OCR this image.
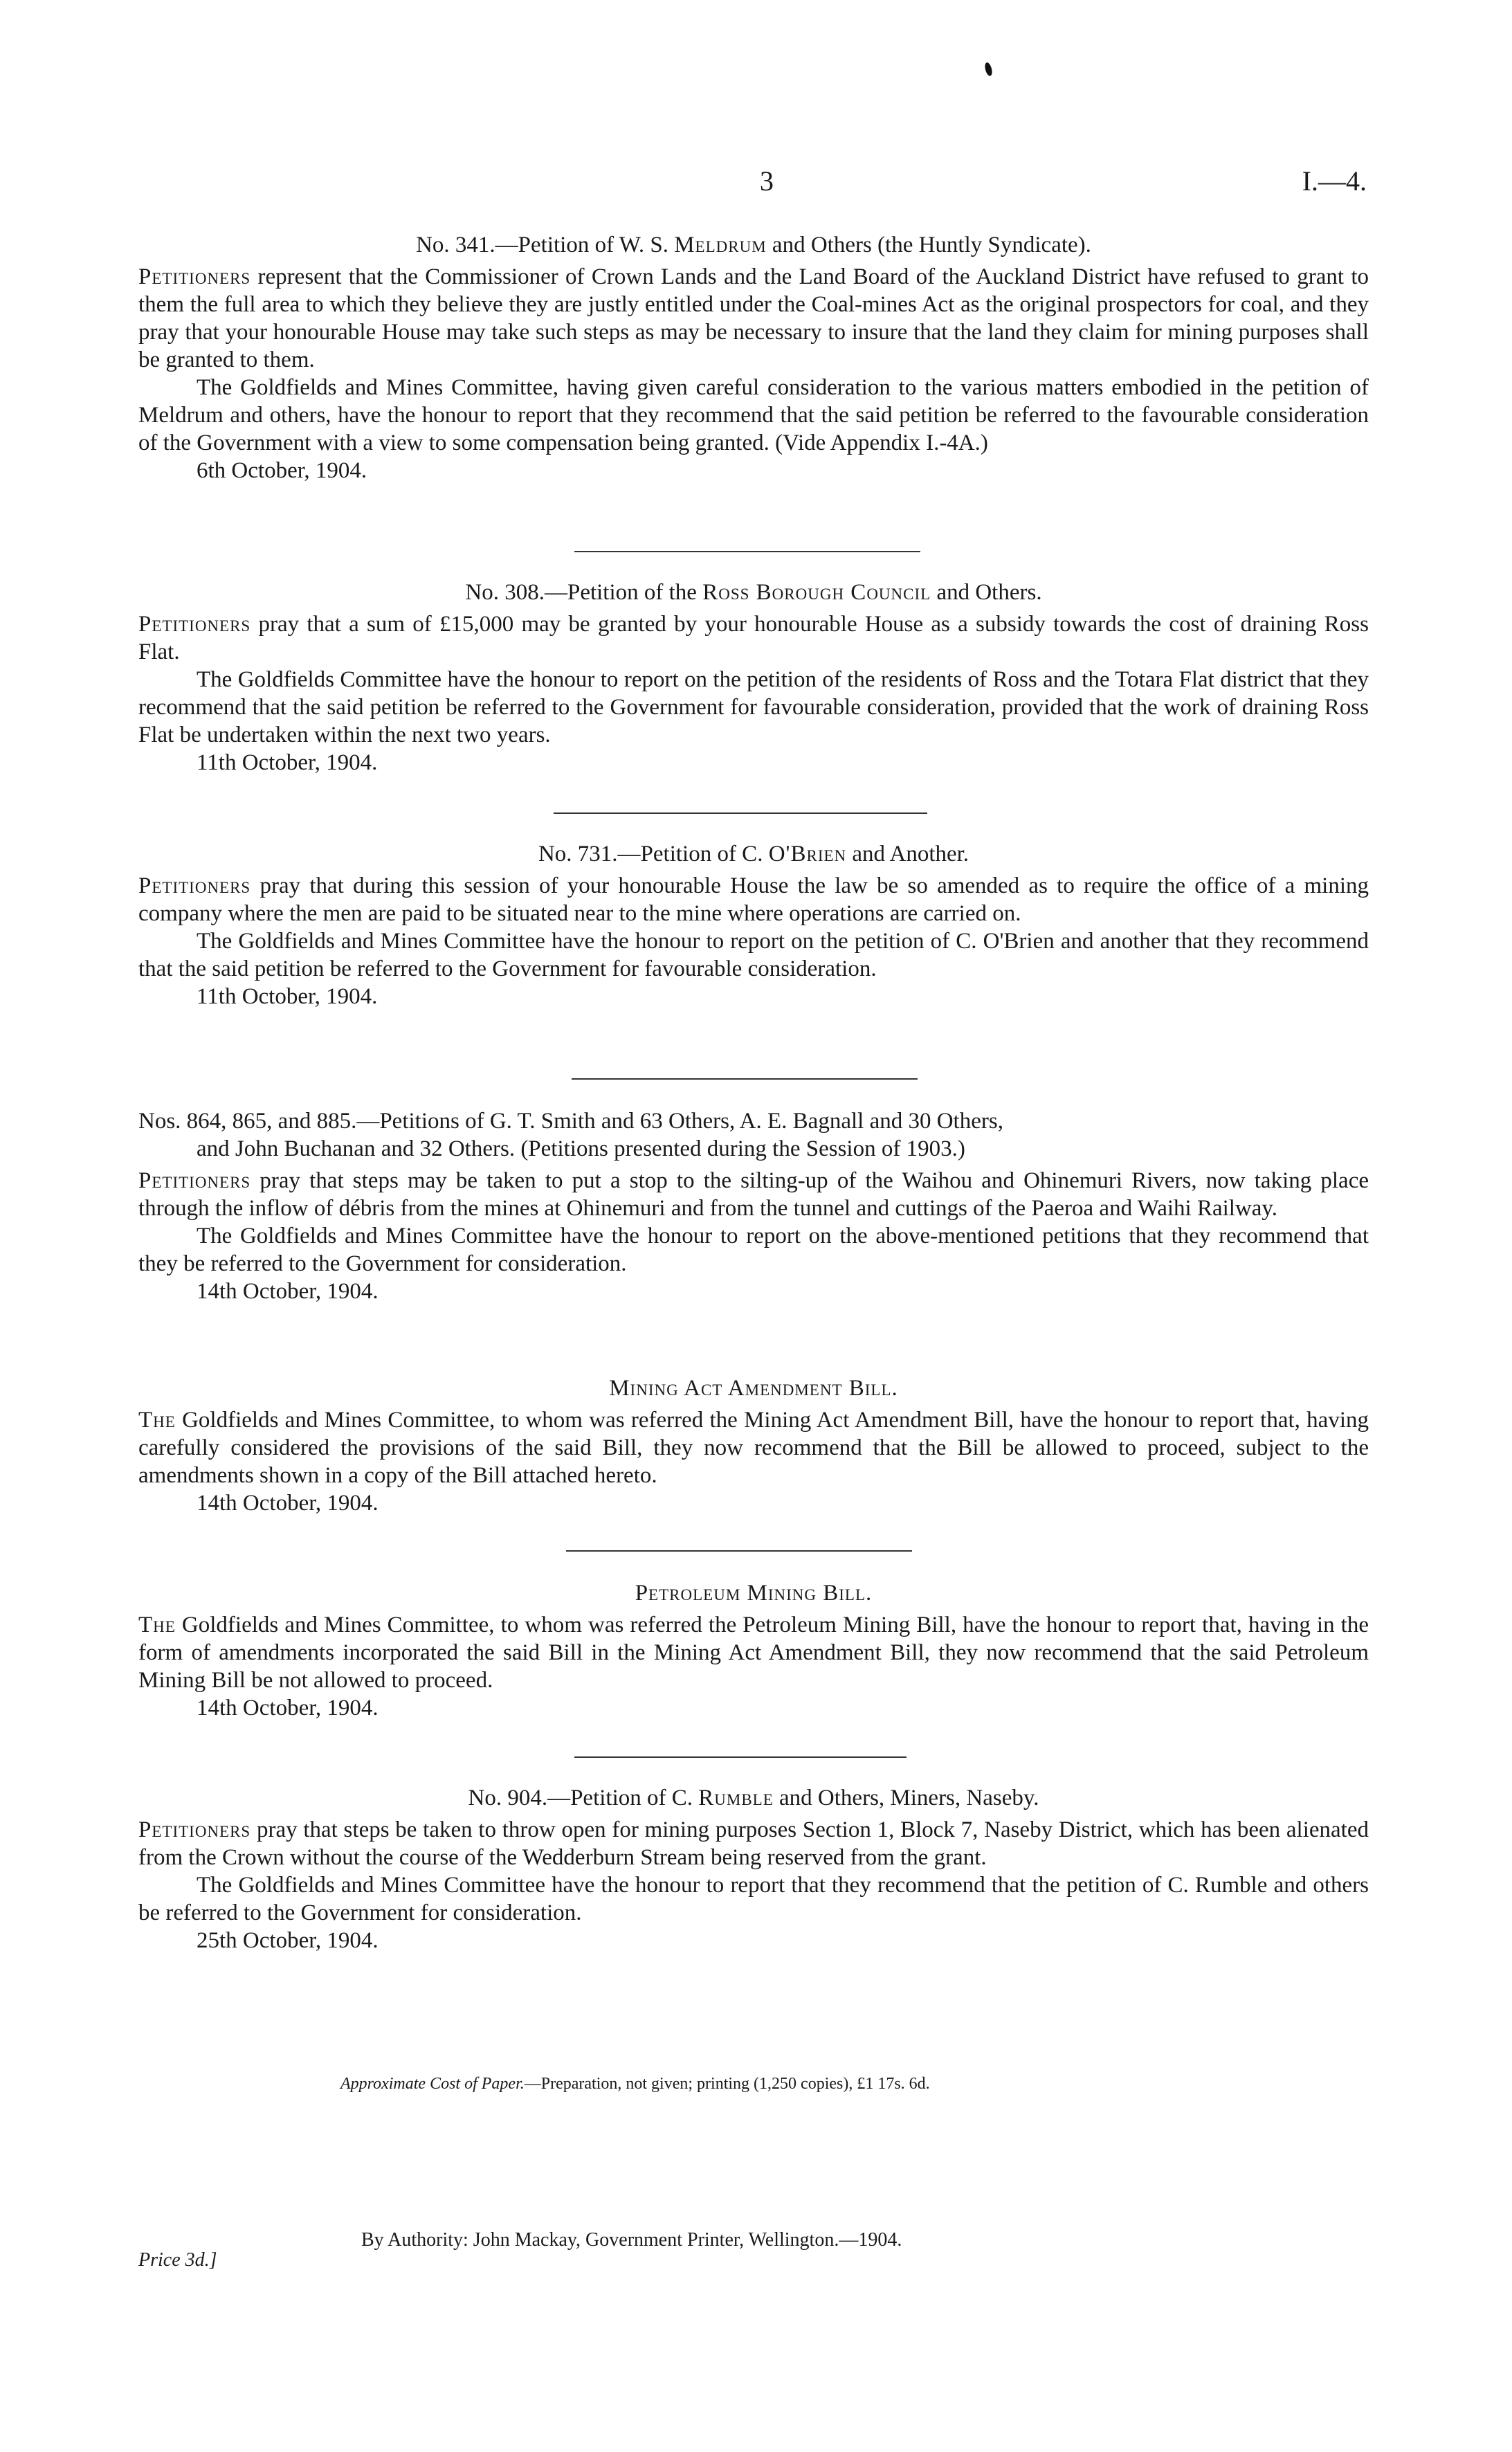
3	I.—4.
No. 341.—Petition of W. S. Meldrum and Others (the Huntly Syndicate).

Petitioners represent that the Commissioner of Crown Lands and the Land Board of the Auckland District have refused to grant to them the full area to which they believe they are justly entitled under the Coal-mines Act as the original prospectors for coal, and they pray that your honourable House may take such steps as may be necessary to insure that the land they claim for mining purposes shall be granted to them.

The Goldfields and Mines Committee, having given careful consideration to the various matters embodied in the petition of Meldrum and others, have the honour to report that they recommend that the said petition be referred to the favourable consideration of the Government with a view to some compensation being granted. (Vide Appendix I.-4A.)

6th October, 1904.

No. 308.—Petition of the Ross Borough Council and Others.

Petitioners pray that a sum of £15,000 may be granted by your honourable House as a subsidy towards the cost of draining Ross Flat.

The Goldfields Committee have the honour to report on the petition of the residents of Ross and the Totara Flat district that they recommend that the said petition be referred to the Government for favourable consideration, provided that the work of draining Ross Flat be undertaken within the next two years.

11th October, 1904.

No. 731.—Petition of C. O'Brien and Another.

Petitioners pray that during this session of your honourable House the law be so amended as to require the office of a mining company where the men are paid to be situated near to the mine where operations are carried on.

The Goldfields and Mines Committee have the honour to report on the petition of C. O'Brien and another that they recommend that the said petition be referred to the Government for favourable consideration.

11th October, 1904.

Nos. 864, 865, and 885.—Petitions of G. T. Smith and 63 Others, A. E. Bagnall and 30 Others,
and John Buchanan and 32 Others. (Petitions presented during the Session of 1903.)

Petitioners pray that steps may be taken to put a stop to the silting-up of the Waihou and Ohinemuri Rivers, now taking place through the inflow of débris from the mines at Ohinemuri and from the tunnel and cuttings of the Paeroa and Waihi Railway.

The Goldfields and Mines Committee have the honour to report on the above-mentioned petitions that they recommend that they be referred to the Government for consideration.

14th October, 1904.

Mining Act Amendment Bill.

The Goldfields and Mines Committee, to whom was referred the Mining Act Amendment Bill, have the honour to report that, having carefully considered the provisions of the said Bill, they now recommend that the Bill be allowed to proceed, subject to the amendments shown in a copy of the Bill attached hereto.

14th October, 1904.

Petroleum Mining Bill.

The Goldfields and Mines Committee, to whom was referred the Petroleum Mining Bill, have the honour to report that, having in the form of amendments incorporated the said Bill in the Mining Act Amendment Bill, they now recommend that the said Petroleum Mining Bill be not allowed to proceed.

14th October, 1904.

No. 904.—Petition of C. Rumble and Others, Miners, Naseby.

Petitioners pray that steps be taken to throw open for mining purposes Section 1, Block 7, Naseby District, which has been alienated from the Crown without the course of the Wedderburn Stream being reserved from the grant.

The Goldfields and Mines Committee have the honour to report that they recommend that the petition of C. Rumble and others be referred to the Government for consideration.

25th October, 1904.

Approximate Cost of Paper.—Preparation, not given; printing (1,250 copies), £1 17s. 6d.
By Authority: John Mackay, Government Printer, Wellington.—1904.
Price 3d.]
